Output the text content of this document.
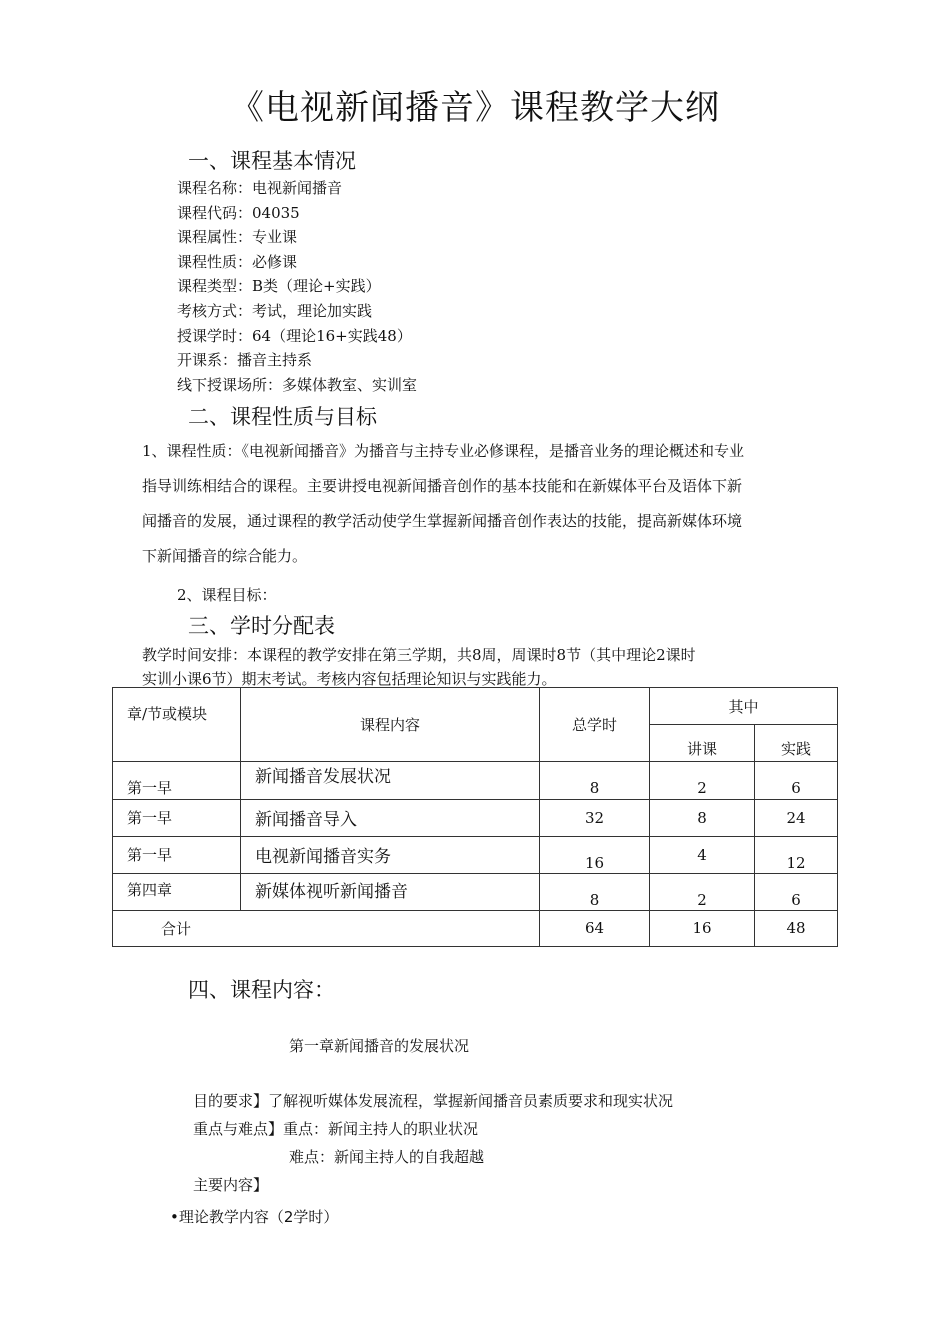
《电视新闻播音》课程教学大纲
一、课程基本情况
课程名称：电视新闻播音
课程代码：04035
课程属性：专业课
课程性质：必修课
课程类型：B类（理论+实践）
考核方式：考试，理论加实践
授课学时：64（理论16+实践48）
开课系：播音主持系
线下授课场所：多媒体教室、实训室
二、课程性质与目标
1、课程性质：《电视新闻播音》为播音与主持专业必修课程，是播音业务的理论概述和专业
指导训练相结合的课程。主要讲授电视新闻播音创作的基本技能和在新媒体平台及语体下新
闻播音的发展，通过课程的教学活动使学生掌握新闻播音创作表达的技能，提高新媒体环境
下新闻播音的综合能力。
2、课程目标：
三、学时分配表
教学时间安排：本课程的教学安排在第三学期，共8周，周课时8节（其中理论2课时
实训小课6节）期末考试。考核内容包括理论知识与实践能力。
章/节或模块	课程内容	总学时	其中	
			讲课	实践
第一早	新闻播音发展状况	8	2	6
第一早	新闻播音导入	32	8	24
第一早	电视新闻播音实务	16	4	12
第四章	新媒体视听新闻播音	8	2	6
合计		64	16	48
四、课程内容：
第一章新闻播音的发展状况
目的要求】了解视听媒体发展流程，掌握新闻播音员素质要求和现实状况
重点与难点】重点：新闻主持人的职业状况
难点：新闻主持人的自我超越
主要内容】
•理论教学内容（2学时）
